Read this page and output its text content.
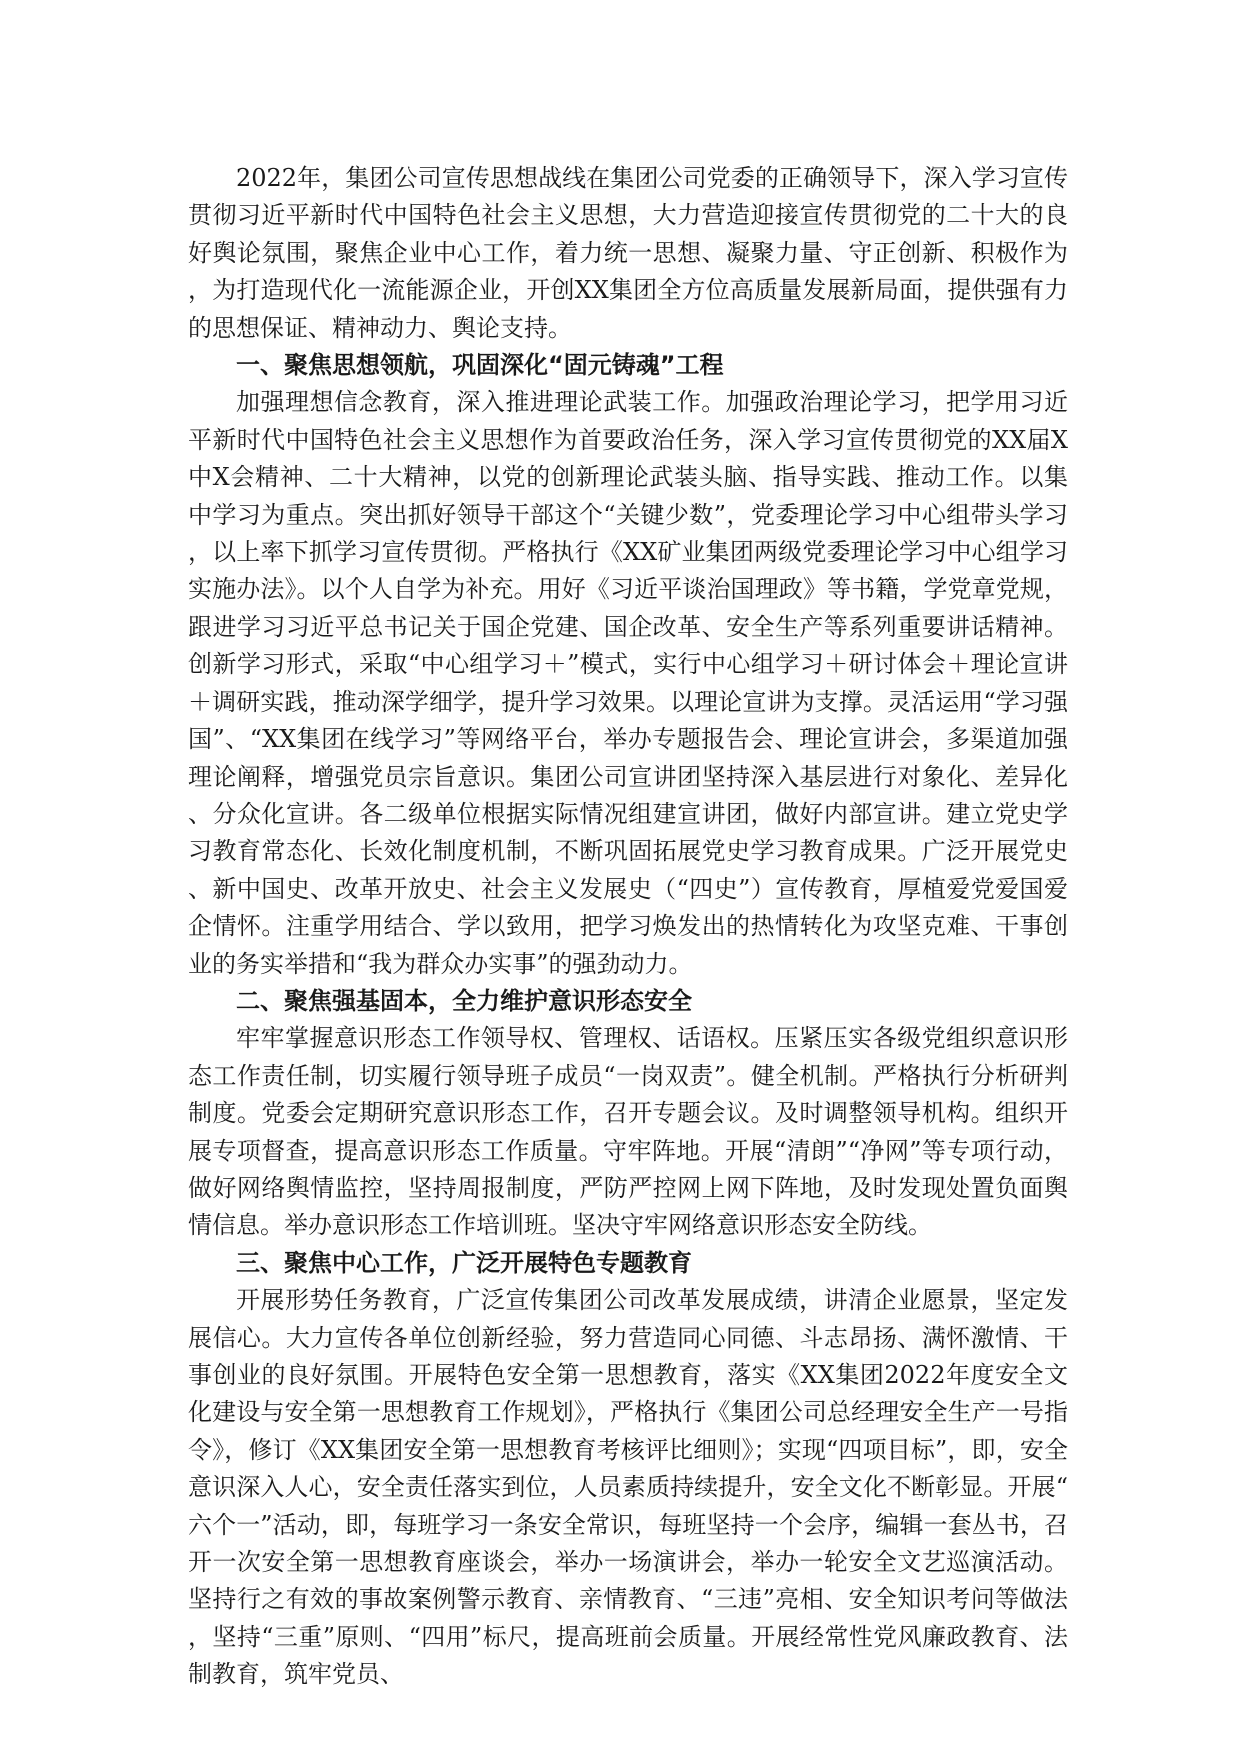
2022年，集团公司宣传思想战线在集团公司党委的正确领导下，深入学习宣传贯彻习近平新时代中国特色社会主义思想，大力营造迎接宣传贯彻党的二十大的良好舆论氛围，聚焦企业中心工作，着力统一思想、凝聚力量、守正创新、积极作为，为打造现代化一流能源企业，开创XX集团全方位高质量发展新局面，提供强有力的思想保证、精神动力、舆论支持。

一、聚焦思想领航，巩固深化“固元铸魂”工程

加强理想信念教育，深入推进理论武装工作。加强政治理论学习，把学用习近平新时代中国特色社会主义思想作为首要政治任务，深入学习宣传贯彻党的XX届X中X会精神、二十大精神，以党的创新理论武装头脑、指导实践、推动工作。以集中学习为重点。突出抓好领导干部这个“关键少数”，党委理论学习中心组带头学习，以上率下抓学习宣传贯彻。严格执行《XX矿业集团两级党委理论学习中心组学习实施办法》。以个人自学为补充。用好《习近平谈治国理政》等书籍，学党章党规，跟进学习习近平总书记关于国企党建、国企改革、安全生产等系列重要讲话精神。创新学习形式，采取“中心组学习＋”模式，实行中心组学习＋研讨体会＋理论宣讲＋调研实践，推动深学细学，提升学习效果。以理论宣讲为支撑。灵活运用“学习强国”、“XX集团在线学习”等网络平台，举办专题报告会、理论宣讲会，多渠道加强理论阐释，增强党员宗旨意识。集团公司宣讲团坚持深入基层进行对象化、差异化、分众化宣讲。各二级单位根据实际情况组建宣讲团，做好内部宣讲。建立党史学习教育常态化、长效化制度机制，不断巩固拓展党史学习教育成果。广泛开展党史、新中国史、改革开放史、社会主义发展史（“四史”）宣传教育，厚植爱党爱国爱企情怀。注重学用结合、学以致用，把学习焕发出的热情转化为攻坚克难、干事创业的务实举措和“我为群众办实事”的强劲动力。

二、聚焦强基固本，全力维护意识形态安全

牢牢掌握意识形态工作领导权、管理权、话语权。压紧压实各级党组织意识形态工作责任制，切实履行领导班子成员“一岗双责”。健全机制。严格执行分析研判制度。党委会定期研究意识形态工作，召开专题会议。及时调整领导机构。组织开展专项督查，提高意识形态工作质量。守牢阵地。开展“清朗”“净网”等专项行动，做好网络舆情监控，坚持周报制度，严防严控网上网下阵地，及时发现处置负面舆情信息。举办意识形态工作培训班。坚决守牢网络意识形态安全防线。

三、聚焦中心工作，广泛开展特色专题教育

开展形势任务教育，广泛宣传集团公司改革发展成绩，讲清企业愿景，坚定发展信心。大力宣传各单位创新经验，努力营造同心同德、斗志昂扬、满怀激情、干事创业的良好氛围。开展特色安全第一思想教育，落实《XX集团2022年度安全文化建设与安全第一思想教育工作规划》，严格执行《集团公司总经理安全生产一号指令》，修订《XX集团安全第一思想教育考核评比细则》；实现“四项目标”，即，安全意识深入人心，安全责任落实到位，人员素质持续提升，安全文化不断彰显。开展“六个一”活动，即，每班学习一条安全常识，每班坚持一个会序，编辑一套丛书，召开一次安全第一思想教育座谈会，举办一场演讲会，举办一轮安全文艺巡演活动。坚持行之有效的事故案例警示教育、亲情教育、“三违”亮相、安全知识考问等做法，坚持“三重”原则、“四用”标尺，提高班前会质量。开展经常性党风廉政教育、法制教育，筑牢党员、
